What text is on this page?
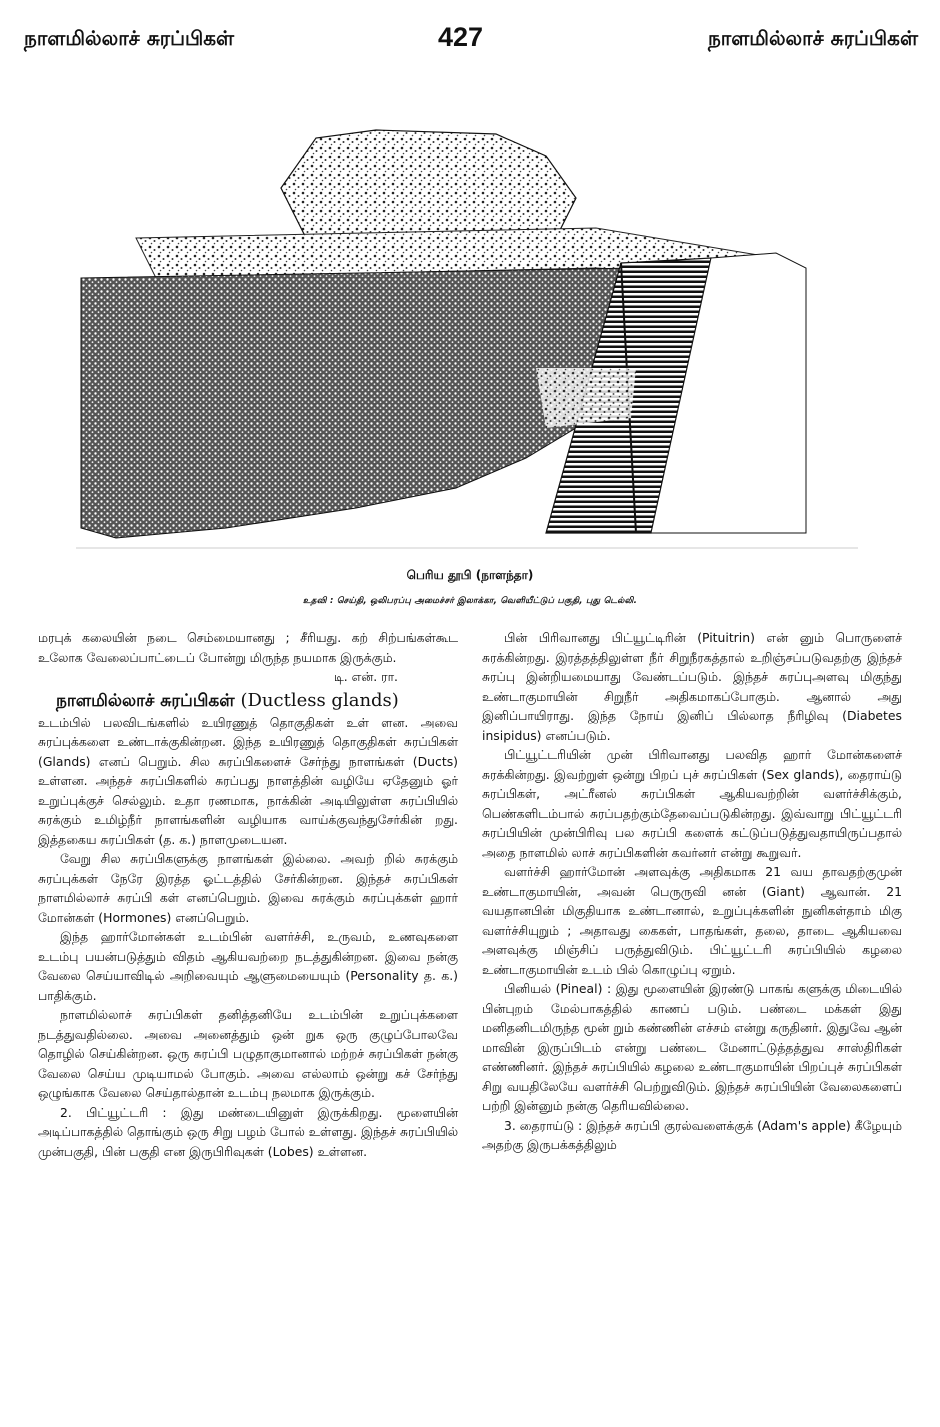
நாளமில்லாச் சுரப்பிகள்	427	நாளமில்லாச் சுரப்பிகள்
பெரிய தூபி (நாளந்தா)
உதவி : செய்தி, ஒலிபரப்பு அமைச்சர் இலாக்கா, வெளியீட்டுப் பகுதி, புது டெல்லி.

மரபுக் கலையின் நடை செம்மையானது ; சீரியது. கற் சிற்பங்கள்கூட உலோக வேலைப்பாட்டைப் போன்று மிருந்த நயமாக இருக்கும்.

டி. என். ரா.
நாளமில்லாச் சுரப்பிகள் (Ductless glands)

உடம்பில் பலவிடங்களில் உயிரணுத் தொகுதிகள் உள் ளன. அவை சுரப்புக்களை உண்டாக்குகின்றன. இந்த உயிரணுத் தொகுதிகள் சுரப்பிகள் (Glands) எனப் பெறும். சில சுரப்பிகளைச் சேர்ந்து நாளங்கள் (Ducts) உள்ளன. அந்தச் சுரப்பிகளில் சுரப்பது நாளத்தின் வழியே ஏதேனும் ஓர் உறுப்புக்குச் செல்லும். உதா ரணமாக, நாக்கின் அடியிலுள்ள சுரப்பியில் சுரக்கும் உமிழ்நீர் நாளங்களின் வழியாக வாய்க்குவந்துசேர்கின் றது. இத்தகைய சுரப்பிகள் (த. க.) நாளமுடையன.

வேறு சில சுரப்பிகளுக்கு நாளங்கள் இல்லை. அவற் றில் சுரக்கும் சுரப்புக்கள் நேரே இரத்த ஓட்டத்தில் சேர்கின்றன. இந்தச் சுரப்பிகள் நாளமில்லாச் சுரப்பி கள் எனப்பெறும். இவை சுரக்கும் சுரப்புக்கள் ஹார் மோன்கள் (Hormones) எனப்பெறும்.

இந்த ஹார்மோன்கள் உடம்பின் வளர்ச்சி, உருவம், உணவுகளை உடம்பு பயன்படுத்தும் விதம் ஆகியவற்றை நடத்துகின்றன. இவை நன்கு வேலை செய்யாவிடில் அறிவையும் ஆளுமையையும் (Personality த. க.) பாதிக்கும்.

நாளமில்லாச் சுரப்பிகள் தனித்தனியே உடம்பின் உறுப்புக்களை நடத்துவதில்லை. அவை அனைத்தும் ஒன் றுக ஒரு குழுப்போலவே தொழில் செய்கின்றன. ஒரு சுரப்பி பழுதாகுமானால் மற்றச் சுரப்பிகள் நன்கு வேலை செய்ய முடியாமல் போகும். அவை எல்லாம் ஒன்று கச் சேர்ந்து ஒழுங்காக வேலை செய்தால்தான் உடம்பு நலமாக இருக்கும்.

2. பிட்யூட்டரி : இது மண்டையினுள் இருக்கிறது. மூளையின் அடிப்பாகத்தில் தொங்கும் ஒரு சிறு பழம் போல் உள்ளது. இந்தச் சுரப்பியில் முன்பகுதி, பின் பகுதி என இருபிரிவுகள் (Lobes) உள்ளன.

பின் பிரிவானது பிட்யூட்டிரின் (Pituitrin) என் னும் பொருளைச் சுரக்கின்றது. இரத்தத்திலுள்ள நீர் சிறுநீரகத்தால் உறிஞ்சப்படுவதற்கு இந்தச் சுரப்பு இன்றியமையாது வேண்டப்படும். இந்தச் சுரப்புஅளவு மிகுந்து உண்டாகுமாயின் சிறுநீர் அதிகமாகப்போகும். ஆனால் அது இனிப்பாயிராது. இந்த நோய் இனிப் பில்லாத நீரிழிவு (Diabetes insipidus) எனப்படும்.

பிட்யூட்டரியின் முன் பிரிவானது பலவித ஹார் மோன்களைச் சுரக்கின்றது. இவற்றுள் ஒன்று பிறப் புச் சுரப்பிகள் (Sex glands), தைராய்டு சுரப்பிகள், அட்ரீனல் சுரப்பிகள் ஆகியவற்றின் வளர்ச்சிக்கும், பெண்களிடம்பால் சுரப்பதற்கும்தேவைப்படுகின்றது. இவ்வாறு பிட்யூட்டரி சுரப்பியின் முன்பிரிவு பல சுரப்பி களைக் கட்டுப்படுத்துவதாயிருப்பதால் அதை நாளமில் லாச் சுரப்பிகளின் கவர்னர் என்று கூறுவர்.

வளர்ச்சி ஹார்மோன் அளவுக்கு அதிகமாக 21 வய தாவதற்குமுன் உண்டாகுமாயின், அவன் பெருருவி னன் (Giant) ஆவான். 21 வயதானபின் மிகுதியாக உண்டானால், உறுப்புக்களின் நுனிகள்தாம் மிகு வளர்ச்சியுறும் ; அதாவது கைகள், பாதங்கள், தலை, தாடை ஆகியவை அளவுக்கு மிஞ்சிப் பருத்துவிடும். பிட்யூட்டரி சுரப்பியில் கழலை உண்டாகுமாயின் உடம் பில் கொழுப்பு ஏறும்.

பினியல் (Pineal) : இது மூளையின் இரண்டு பாகங் களுக்கு மிடையில் பின்புறம் மேல்பாகத்தில் காணப் படும். பண்டை மக்கள் இது மனிதனிடமிருந்த மூன் றும் கண்ணின் எச்சம் என்று கருதினர். இதுவே ஆன் மாவின் இருப்பிடம் என்று பண்டை மேனாட்டுத்தத்துவ சாஸ்திரிகள் எண்ணினர். இந்தச் சுரப்பியில் கழலை உண்டாகுமாயின் பிறப்புச் சுரப்பிகள் சிறு வயதிலேயே வளர்ச்சி பெற்றுவிடும். இந்தச் சுரப்பியின் வேலைகளைப் பற்றி இன்னும் நன்கு தெரியவில்லை.

3. தைராய்டு : இந்தச் சுரப்பி குரல்வளைக்குக் (Adam's apple) கீழேயும் அதற்கு இருபக்கத்திலும்
